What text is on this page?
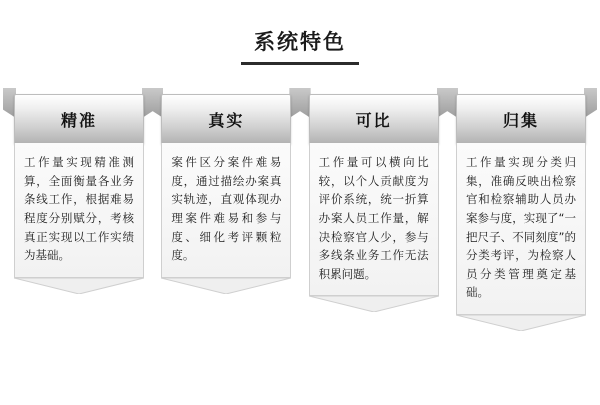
系统特色
精准
工作量实现精准测算，全面衡量各业务条线工作，根据难易程度分别赋分，考核真正实现以工作实绩为基础。
真实
案件区分案件难易度，通过描绘办案真实轨迹，直观体现办理案件难易和参与度、细化考评颗粒度。
可比
工作量可以横向比较，以个人贡献度为评价系统，统一折算办案人员工作量，解决检察官人少，参与多线条业务工作无法积累问题。
归集
工作量实现分类归集，准确反映出检察官和检察辅助人员办案参与度，实现了“一把尺子、不同刻度”的分类考评，为检察人员分类管理奠定基础。
